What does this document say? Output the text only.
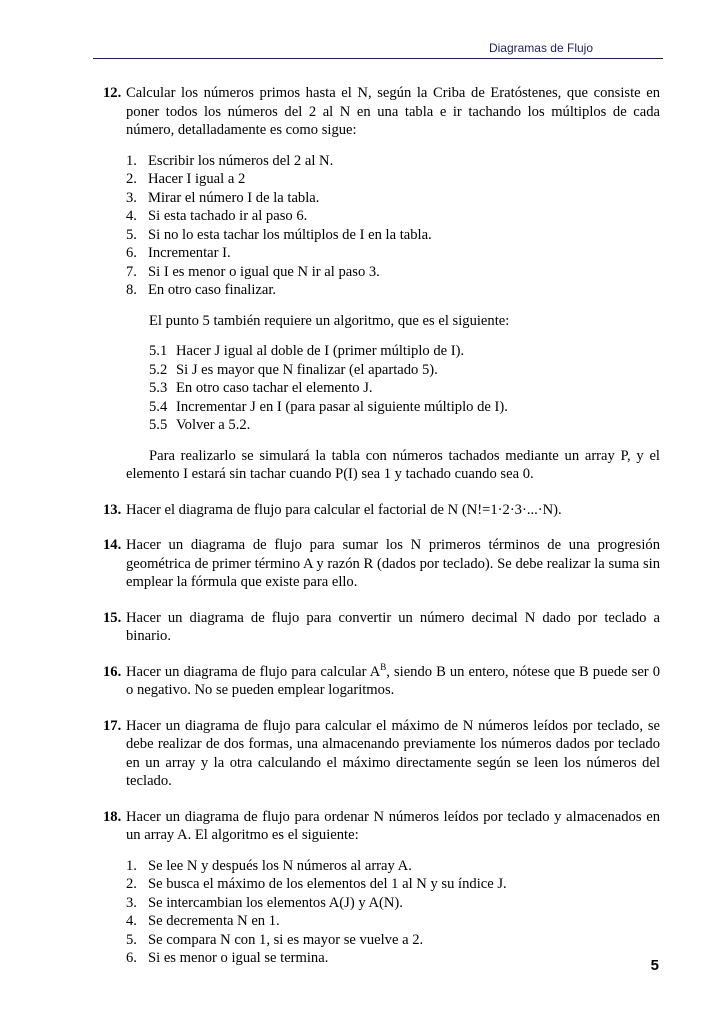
Diagramas de Flujo
12. Calcular los números primos hasta el N, según la Criba de Eratóstenes, que consiste en poner todos los números del 2 al N en una tabla e ir tachando los múltiplos de cada número, detalladamente es como sigue:
1. Escribir los números del 2 al N.
2. Hacer I igual a 2
3. Mirar el número I de la tabla.
4. Si esta tachado ir al paso 6.
5. Si no lo esta tachar los múltiplos de I en la tabla.
6. Incrementar I.
7. Si I es menor o igual que N ir al paso 3.
8. En otro caso finalizar.

El punto 5 también requiere un algoritmo, que es el siguiente:

5.1 Hacer J igual al doble de I (primer múltiplo de I).
5.2 Si J es mayor que N finalizar (el apartado 5).
5.3 En otro caso tachar el elemento J.
5.4 Incrementar J en I (para pasar al siguiente múltiplo de I).
5.5 Volver a 5.2.

Para realizarlo se simulará la tabla con números tachados mediante un array P, y el elemento I estará sin tachar cuando P(I) sea 1 y tachado cuando sea 0.

13. Hacer el diagrama de flujo para calcular el factorial de N (N!=1·2·3·...·N).
14. Hacer un diagrama de flujo para sumar los N primeros términos de una progresión geométrica de primer término A y razón R (dados por teclado). Se debe realizar la suma sin emplear la fórmula que existe para ello.
15. Hacer un diagrama de flujo para convertir un número decimal N dado por teclado a binario.
16. Hacer un diagrama de flujo para calcular $A^B$, siendo B un entero, nótese que B puede ser 0 o negativo. No se pueden emplear logaritmos.
17. Hacer un diagrama de flujo para calcular el máximo de N números leídos por teclado, se debe realizar de dos formas, una almacenando previamente los números dados por teclado en un array y la otra calculando el máximo directamente según se leen los números del teclado.
18. Hacer un diagrama de flujo para ordenar N números leídos por teclado y almacenados en un array A. El algoritmo es el siguiente:
1. Se lee N y después los N números al array A.
2. Se busca el máximo de los elementos del 1 al N y su índice J.
3. Se intercambian los elementos A(J) y A(N).
4. Se decrementa N en 1.
5. Se compara N con 1, si es mayor se vuelve a 2.
6. Si es menor o igual se termina.	5
